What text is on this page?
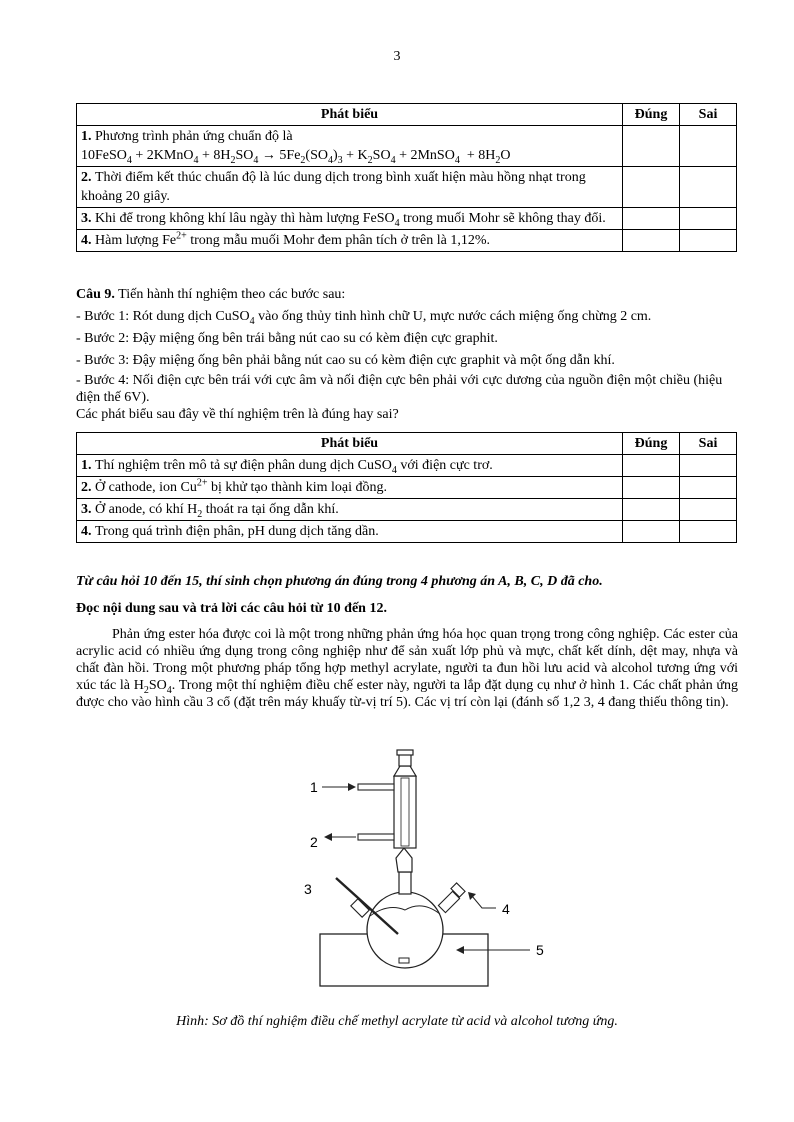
3
Phát biểu	Đúng	Sai
1. Phương trình phản ứng chuẩn độ là
10FeSO$_4$ + 2KMnO$_4$ + $8H_2SO_4 \to 5Fe_2(SO_4)_3 + K_2SO_4$ + 2MnSO$_4$  + $8H_2O$		
2. Thời điểm kết thúc chuẩn độ là lúc dung dịch trong bình xuất hiện màu hồng nhạt trong khoảng 20 giây.		
3. Khi để trong không khí lâu ngày thì hàm lượng FeSO$_4$ trong muối Mohr sẽ không thay đổi.		
4. Hàm lượng $Fe^{2+}$ trong mẫu muối Mohr đem phân tích ở trên là 1,12%.		
Câu 9. Tiến hành thí nghiệm theo các bước sau:
- Bước 1: Rót dung dịch CuSO$_4$ vào ống thủy tinh hình chữ U, mực nước cách miệng ống chừng 2 cm.
- Bước 2: Đậy miệng ống bên trái bằng nút cao su có kèm điện cực graphit.
- Bước 3: Đậy miệng ống bên phải bằng nút cao su có kèm điện cực graphit và một ống dẫn khí.
- Bước 4: Nối điện cực bên trái với cực âm và nối điện cực bên phải với cực dương của nguồn điện một chiều (hiệu điện thế 6V).
Các phát biểu sau đây về thí nghiệm trên là đúng hay sai?
Phát biểu	Đúng	Sai
1. Thí nghiệm trên mô tả sự điện phân dung dịch CuSO$_4$ với điện cực trơ.		
2. Ở cathode, ion $Cu^{2+}$ bị khử tạo thành kim loại đồng.		
3. Ở anode, có khí $H_2$ thoát ra tại ống dẫn khí.		
4. Trong quá trình điện phân, pH dung dịch tăng dần.		
Từ câu hỏi 10 đến 15, thí sinh chọn phương án đúng trong 4 phương án A, B, C, D đã cho.
Đọc nội dung sau và trả lời các câu hỏi từ 10 đến 12.
Phản ứng ester hóa được coi là một trong những phản ứng hóa học quan trọng trong công nghiệp. Các ester của acrylic acid có nhiều ứng dụng trong công nghiệp như để sản xuất lớp phủ và mực, chất kết dính, dệt may, nhựa và chất đàn hồi. Trong một phương pháp tổng hợp methyl acrylate, người ta đun hồi lưu acid và alcohol tương ứng với xúc tác là $H_2SO_4$. Trong một thí nghiệm điều chế ester này, người ta lắp đặt dụng cụ như ở hình 1. Các chất phản ứng được cho vào hình cầu 3 cổ (đặt trên máy khuấy từ-vị trí 5). Các vị trí còn lại (đánh số 1,2 3, 4 đang thiếu thông tin).
1
2
3
4
5
Hình: Sơ đồ thí nghiệm điều chế methyl acrylate từ acid và alcohol tương ứng.
